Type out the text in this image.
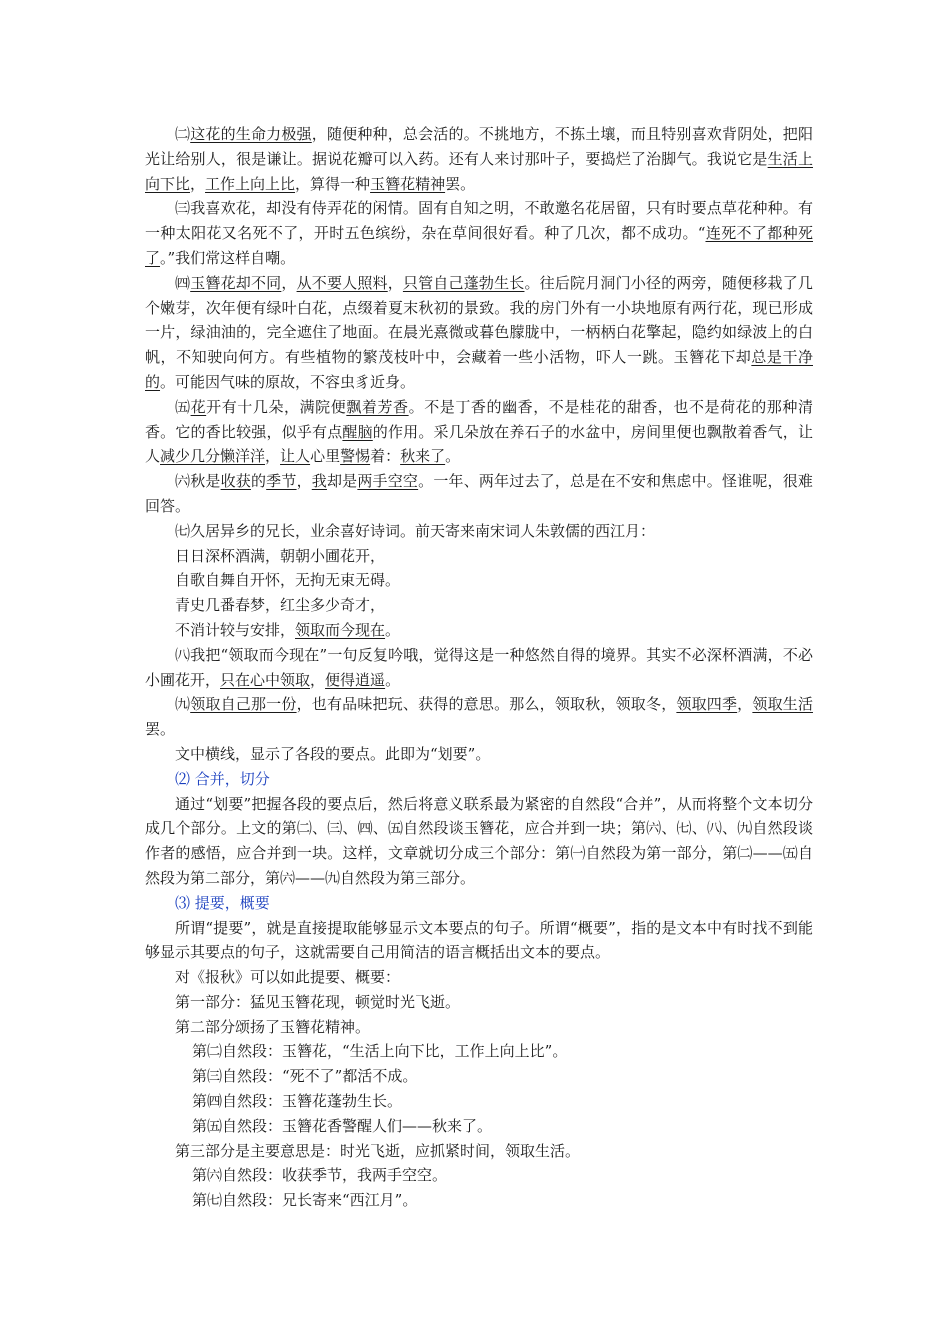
㈡这花的生命力极强，随便种种，总会活的。不挑地方，不拣土壤，而且特别喜欢背阴处，把阳光让给别人，很是谦让。据说花瓣可以入药。还有人来讨那叶子，要捣烂了治脚气。我说它是生活上向下比，工作上向上比，算得一种玉簪花精神罢。

㈢我喜欢花，却没有侍弄花的闲情。固有自知之明，不敢邀名花居留，只有时要点草花种种。有一种太阳花又名死不了，开时五色缤纷，杂在草间很好看。种了几次，都不成功。“连死不了都种死了。”我们常这样自嘲。

㈣玉簪花却不同，从不要人照料，只管自己蓬勃生长。往后院月洞门小径的两旁，随便移栽了几个嫩芽，次年便有绿叶白花，点缀着夏末秋初的景致。我的房门外有一小块地原有两行花，现已形成一片，绿油油的，完全遮住了地面。在晨光熹微或暮色朦胧中，一柄柄白花擎起，隐约如绿波上的白帆，不知驶向何方。有些植物的繁茂枝叶中，会藏着一些小活物，吓人一跳。玉簪花下却总是干净的。可能因气味的原故，不容虫豸近身。

㈤花开有十几朵，满院便飘着芳香。不是丁香的幽香，不是桂花的甜香，也不是荷花的那种清香。它的香比较强，似乎有点醒脑的作用。采几朵放在养石子的水盆中，房间里便也飘散着香气，让人减少几分懒洋洋，让人心里警惕着：秋来了。

㈥秋是收获的季节，我却是两手空空。一年、两年过去了，总是在不安和焦虑中。怪谁呢，很难回答。

㈦久居异乡的兄长，业余喜好诗词。前天寄来南宋词人朱敦儒的西江月：

日日深杯酒满，朝朝小圃花开，

自歌自舞自开怀，无拘无束无碍。

青史几番春梦，红尘多少奇才，

不消计较与安排，领取而今现在。

㈧我把“领取而今现在”一句反复吟哦，觉得这是一种悠然自得的境界。其实不必深杯酒满，不必小圃花开，只在心中领取，便得逍遥。

㈨领取自己那一份，也有品味把玩、获得的意思。那么，领取秋，领取冬，领取四季，领取生活罢。

文中横线，显示了各段的要点。此即为“划要”。

⑵ 合并，切分

通过“划要”把握各段的要点后，然后将意义联系最为紧密的自然段“合并”，从而将整个文本切分成几个部分。上文的第㈡、㈢、㈣、㈤自然段谈玉簪花，应合并到一块；第㈥、㈦、㈧、㈨自然段谈作者的感悟，应合并到一块。这样，文章就切分成三个部分：第㈠自然段为第一部分，第㈡——㈤自然段为第二部分，第㈥——㈨自然段为第三部分。

⑶ 提要，概要

所谓“提要”，就是直接提取能够显示文本要点的句子。所谓“概要”，指的是文本中有时找不到能够显示其要点的句子，这就需要自己用简洁的语言概括出文本的要点。

对《报秋》可以如此提要、概要：

第一部分：猛见玉簪花现，顿觉时光飞逝。

第二部分颂扬了玉簪花精神。

第㈡自然段：玉簪花，“生活上向下比，工作上向上比”。

第㈢自然段：“死不了”都活不成。

第㈣自然段：玉簪花蓬勃生长。

第㈤自然段：玉簪花香警醒人们——秋来了。

第三部分是主要意思是：时光飞逝，应抓紧时间，领取生活。

第㈥自然段：收获季节，我两手空空。

第㈦自然段：兄长寄来“西江月”。
